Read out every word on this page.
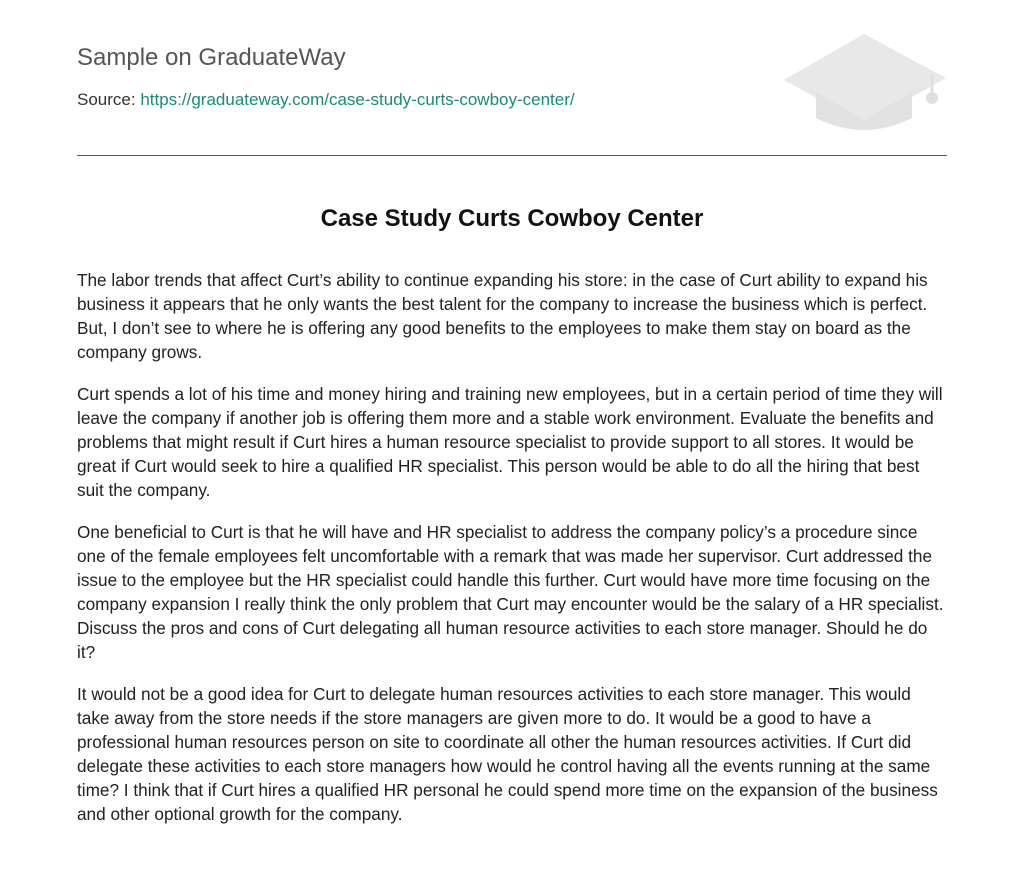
Sample on GraduateWay
Source: https://graduateway.com/case-study-curts-cowboy-center/
Case Study Curts Cowboy Center

The labor trends that affect Curt’s ability to continue expanding his store: in the case of Curt ability to expand his business it appears that he only wants the best talent for the company to increase the business which is perfect. But, I don’t see to where he is offering any good benefits to the employees to make them stay on board as the company grows.

Curt spends a lot of his time and money hiring and training new employees, but in a certain period of time they will leave the company if another job is offering them more and a stable work environment. Evaluate the benefits and problems that might result if Curt hires a human resource specialist to provide support to all stores. It would be great if Curt would seek to hire a qualified HR specialist. This person would be able to do all the hiring that best suit the company.

One beneficial to Curt is that he will have and HR specialist to address the company policy’s a procedure since one of the female employees felt uncomfortable with a remark that was made her supervisor. Curt addressed the issue to the employee but the HR specialist could handle this further. Curt would have more time focusing on the company expansion I really think the only problem that Curt may encounter would be the salary of a HR specialist. Discuss the pros and cons of Curt delegating all human resource activities to each store manager. Should he do it?

It would not be a good idea for Curt to delegate human resources activities to each store manager. This would take away from the store needs if the store managers are given more to do. It would be a good to have a professional human resources person on site to coordinate all other the human resources activities. If Curt did delegate these activities to each store managers how would he control having all the events running at the same time? I think that if Curt hires a qualified HR personal he could spend more time on the expansion of the business and other optional growth for the company.
